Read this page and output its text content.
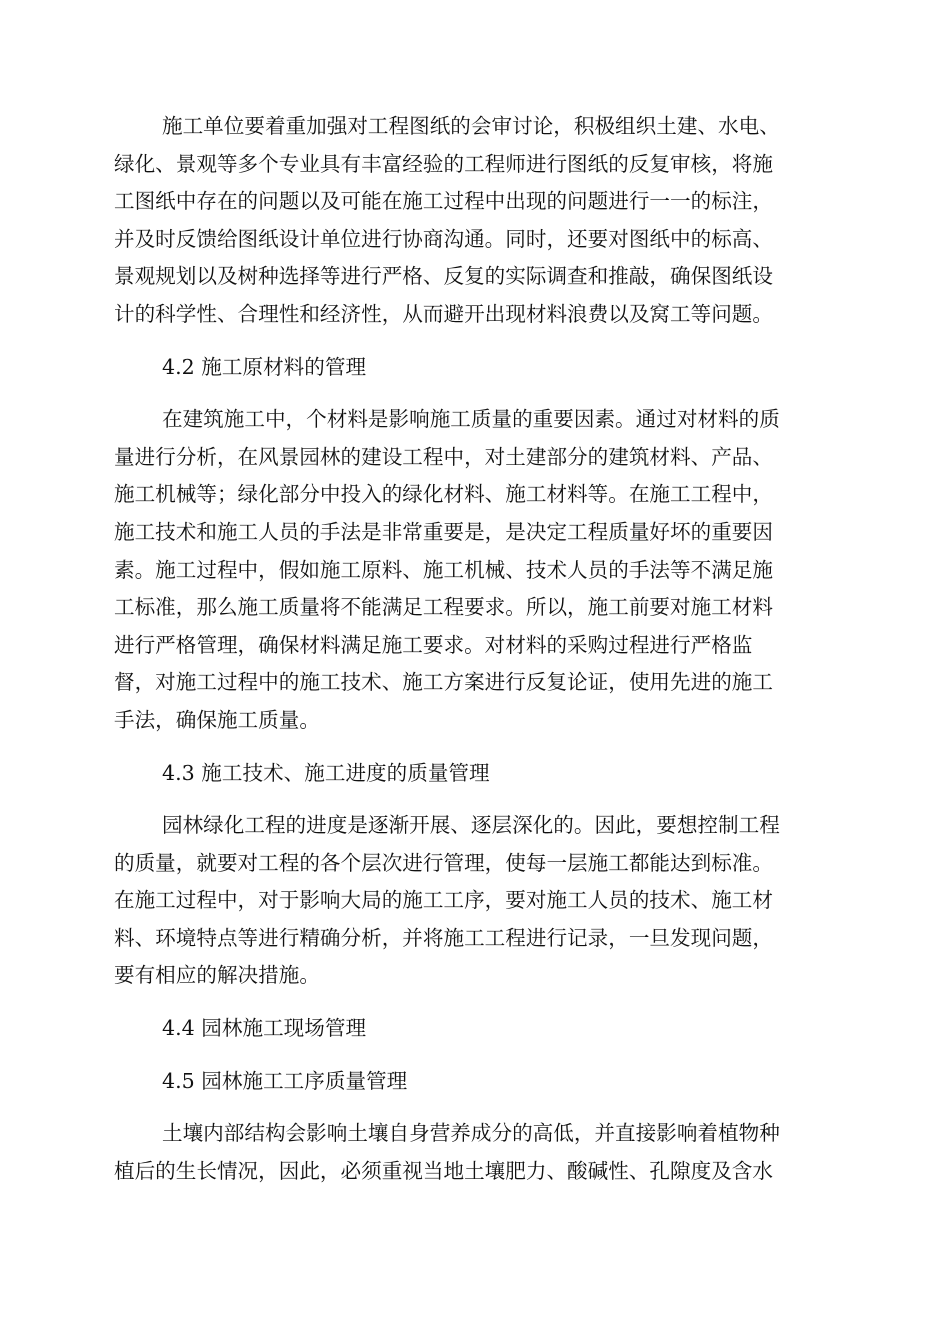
施工单位要着重加强对工程图纸的会审讨论，积极组织土建、水电、
绿化、景观等多个专业具有丰富经验的工程师进行图纸的反复审核，将施
工图纸中存在的问题以及可能在施工过程中出现的问题进行一一的标注，
并及时反馈给图纸设计单位进行协商沟通。同时，还要对图纸中的标高、
景观规划以及树种选择等进行严格、反复的实际调查和推敲，确保图纸设
计的科学性、合理性和经济性，从而避开出现材料浪费以及窝工等问题。
4.2 施工原材料的管理
在建筑施工中，个材料是影响施工质量的重要因素。通过对材料的质
量进行分析，在风景园林的建设工程中，对土建部分的建筑材料、产品、
施工机械等；绿化部分中投入的绿化材料、施工材料等。在施工工程中，
施工技术和施工人员的手法是非常重要是，是决定工程质量好坏的重要因
素。施工过程中，假如施工原料、施工机械、技术人员的手法等不满足施
工标准，那么施工质量将不能满足工程要求。所以，施工前要对施工材料
进行严格管理，确保材料满足施工要求。对材料的采购过程进行严格监
督，对施工过程中的施工技术、施工方案进行反复论证，使用先进的施工
手法，确保施工质量。
4.3 施工技术、施工进度的质量管理
园林绿化工程的进度是逐渐开展、逐层深化的。因此，要想控制工程
的质量，就要对工程的各个层次进行管理，使每一层施工都能达到标准。
在施工过程中，对于影响大局的施工工序，要对施工人员的技术、施工材
料、环境特点等进行精确分析，并将施工工程进行记录，一旦发现问题，
要有相应的解决措施。
4.4 园林施工现场管理
4.5 园林施工工序质量管理
土壤内部结构会影响土壤自身营养成分的高低，并直接影响着植物种
植后的生长情况，因此，必须重视当地土壤肥力、酸碱性、孔隙度及含水
